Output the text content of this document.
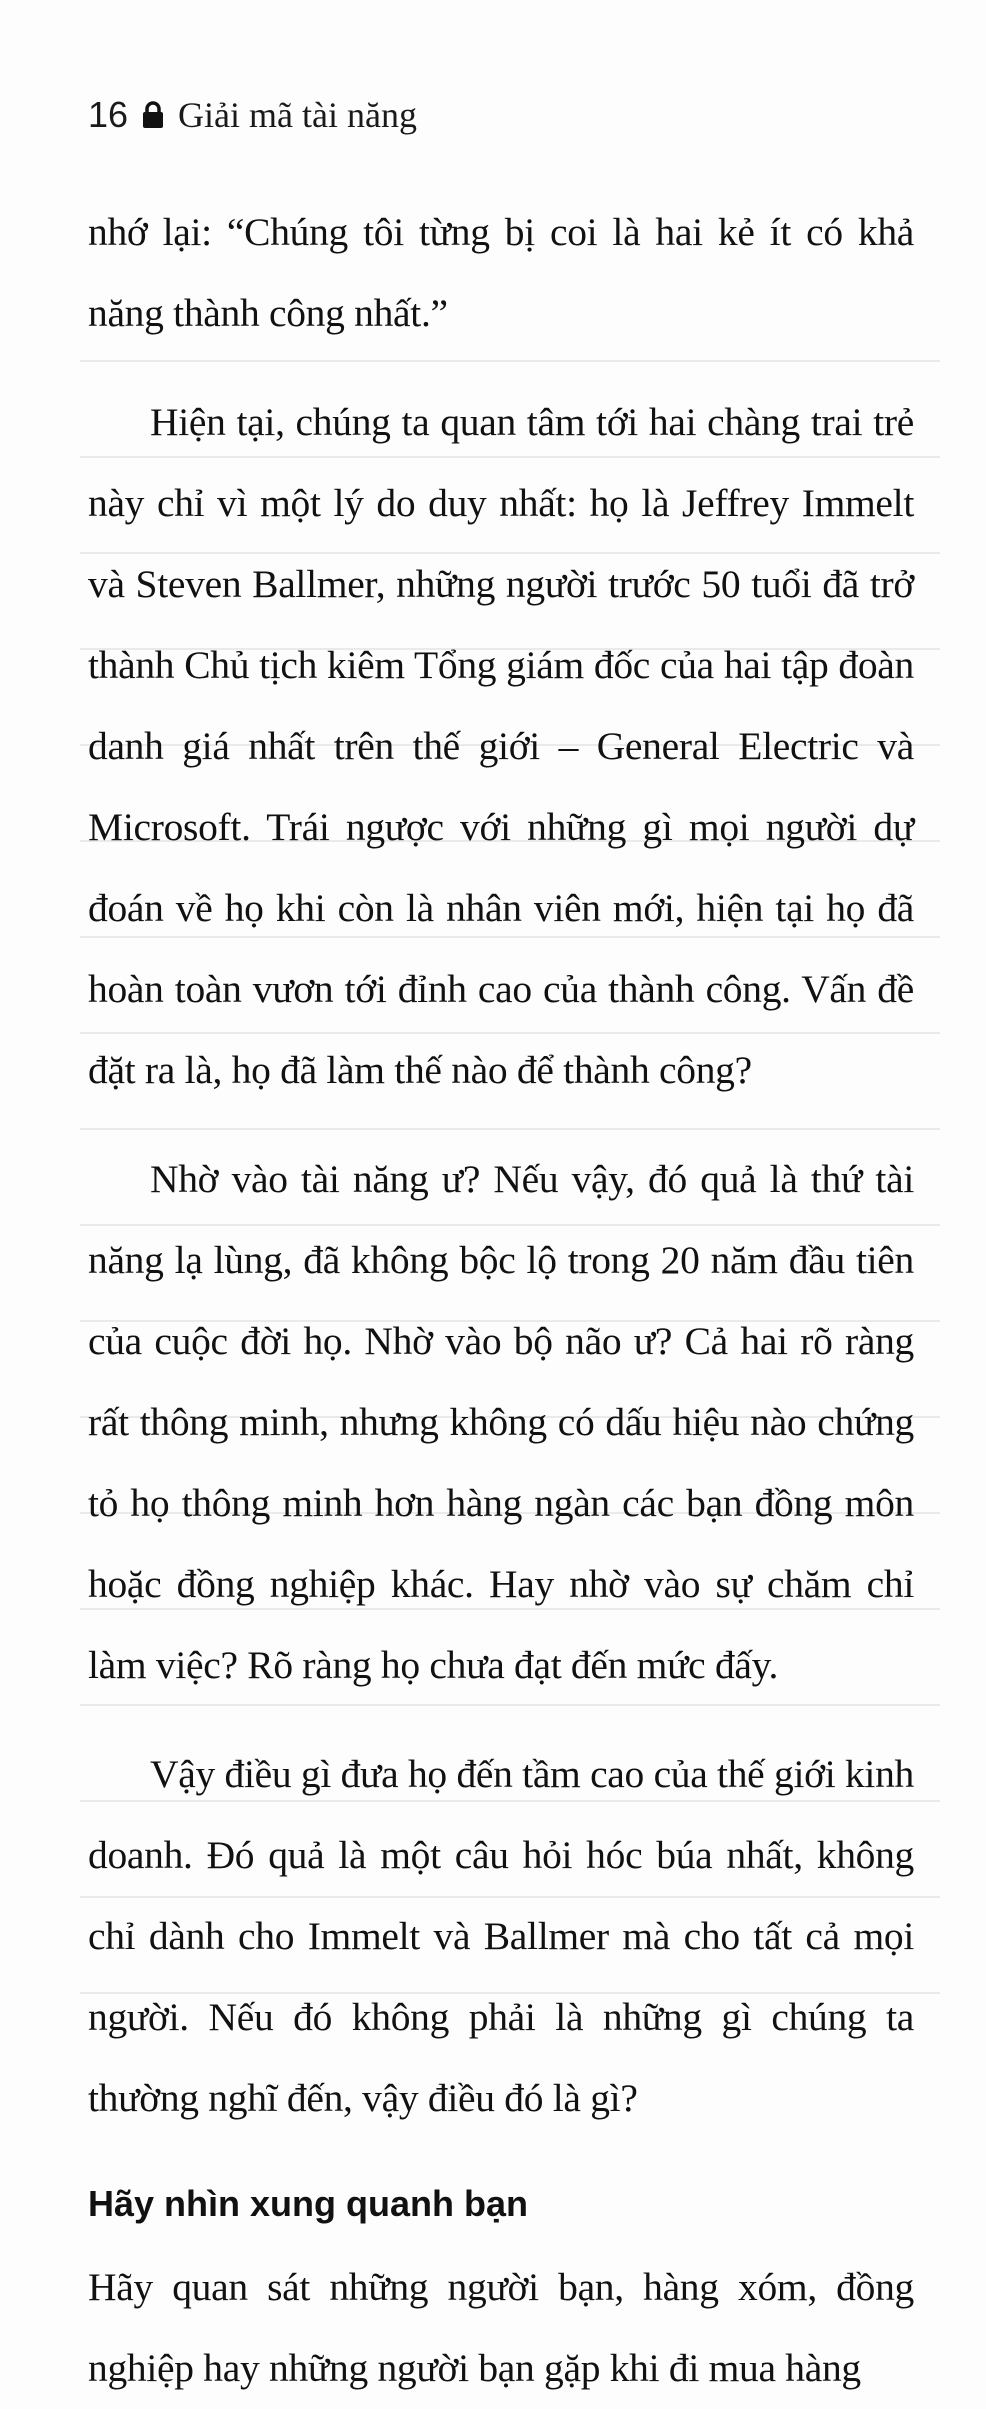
16 Giải mã tài năng

nhớ lại: “Chúng tôi từng bị coi là hai kẻ ít có khả năng thành công nhất.”

Hiện tại, chúng ta quan tâm tới hai chàng trai trẻ này chỉ vì một lý do duy nhất: họ là Jeffrey Immelt và Steven Ballmer, những người trước 50 tuổi đã trở thành Chủ tịch kiêm Tổng giám đốc của hai tập đoàn danh giá nhất trên thế giới – General Electric và Microsoft. Trái ngược với những gì mọi người dự đoán về họ khi còn là nhân viên mới, hiện tại họ đã hoàn toàn vươn tới đỉnh cao của thành công. Vấn đề đặt ra là, họ đã làm thế nào để thành công?

Nhờ vào tài năng ư? Nếu vậy, đó quả là thứ tài năng lạ lùng, đã không bộc lộ trong 20 năm đầu tiên của cuộc đời họ. Nhờ vào bộ não ư? Cả hai rõ ràng rất thông minh, nhưng không có dấu hiệu nào chứng tỏ họ thông minh hơn hàng ngàn các bạn đồng môn hoặc đồng nghiệp khác. Hay nhờ vào sự chăm chỉ làm việc? Rõ ràng họ chưa đạt đến mức đấy.

Vậy điều gì đưa họ đến tầm cao của thế giới kinh doanh. Đó quả là một câu hỏi hóc búa nhất, không chỉ dành cho Immelt và Ballmer mà cho tất cả mọi người. Nếu đó không phải là những gì chúng ta thường nghĩ đến, vậy điều đó là gì?

Hãy nhìn xung quanh bạn

Hãy quan sát những người bạn, hàng xóm, đồng nghiệp hay những người bạn gặp khi đi mua hàng
